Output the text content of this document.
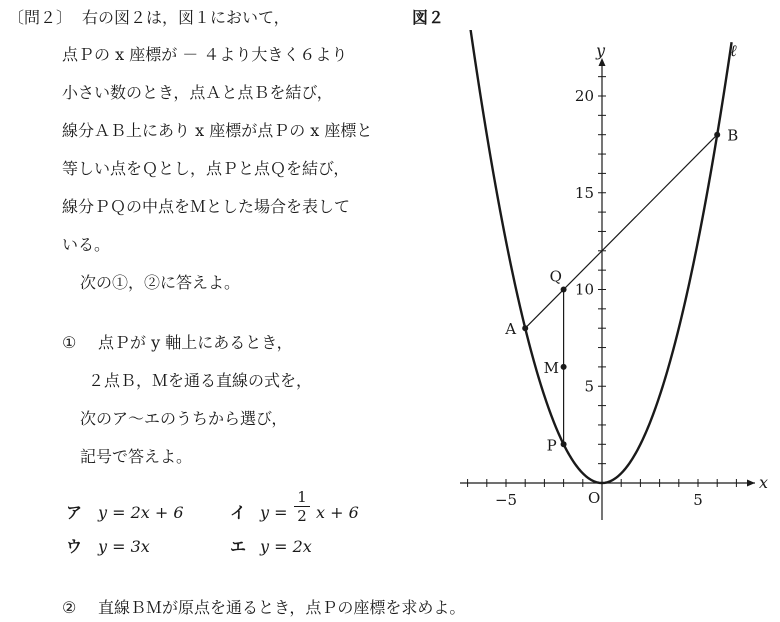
〔問２〕 右の図２は，図１において，	図２
点Ｐの x 座標が － ４より大きく６より
小さい数のとき，点Ａと点Ｂを結び，
線分ＡＢ上にあり x 座標が点Ｐの x 座標と
等しい点をＱとし，点Ｐと点Ｑを結び，
線分ＰＱの中点をＭとした場合を表して
いる。
次の①，②に答えよ。
① 点Ｐが y 軸上にあるとき，
２点Ｂ，Ｍを通る直線の式を，
次のア～エのうちから選び，
記号で答えよ。
ア y = 2x + 6	イ y =
1
2 x + 6
ウ y = 3x	エ y = 2x
② 直線ＢＭが原点を通るとき，点Ｐの座標を求めよ。
A
B
Q
M
P
x
y
O
ℓ
−5	5
20
15
10
5
